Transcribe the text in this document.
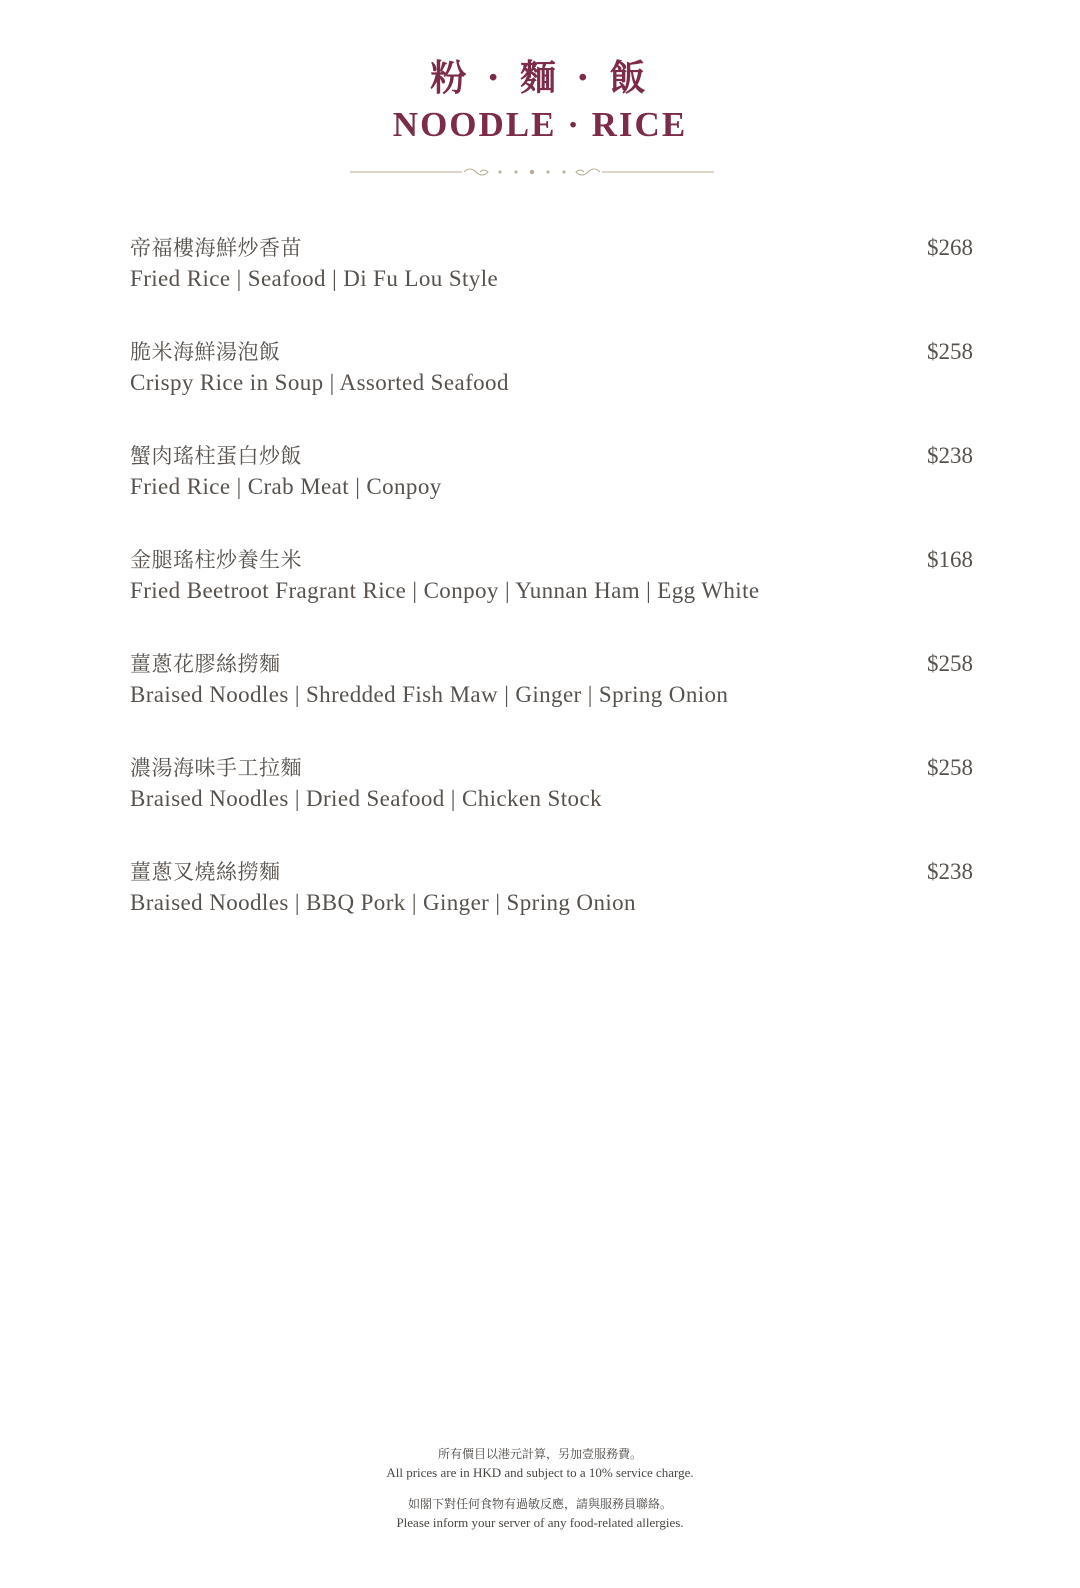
粉 · 麵 · 飯
NOODLE · RICE
帝福樓海鮮炒香苗
Fried Rice | Seafood | Di Fu Lou Style
$268
脆米海鮮湯泡飯
Crispy Rice in Soup | Assorted Seafood
$258
蟹肉瑤柱蛋白炒飯
Fried Rice | Crab Meat | Conpoy
$238
金腿瑤柱炒養生米
Fried Beetroot Fragrant Rice | Conpoy | Yunnan Ham | Egg White
$168
薑蔥花膠絲撈麵
Braised Noodles | Shredded Fish Maw | Ginger | Spring Onion
$258
濃湯海味手工拉麵
Braised Noodles | Dried Seafood | Chicken Stock
$258
薑蔥叉燒絲撈麵
Braised Noodles | BBQ Pork | Ginger | Spring Onion
$238
所有價目以港元計算，另加壹服務費。
All prices are in HKD and subject to a 10% service charge.
如閣下對任何食物有過敏反應，請與服務員聯絡。
Please inform your server of any food-related allergies.
